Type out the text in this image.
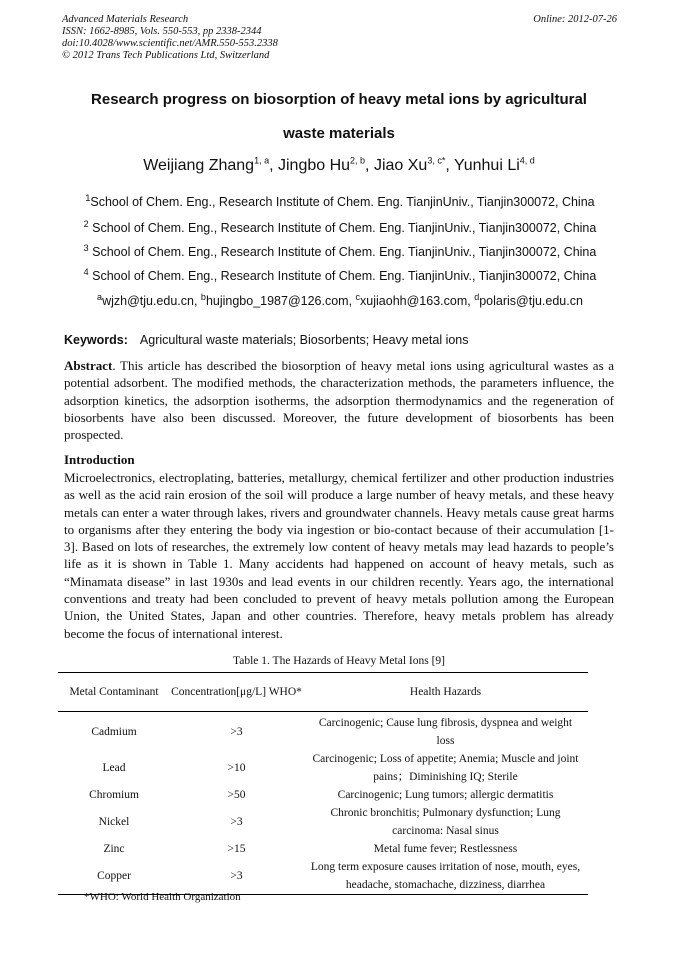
Advanced Materials Research
ISSN: 1662-8985, Vols. 550-553, pp 2338-2344
doi:10.4028/www.scientific.net/AMR.550-553.2338
© 2012 Trans Tech Publications Ltd, Switzerland
Online: 2012-07-26
Research progress on biosorption of heavy metal ions by agricultural
waste materials
Weijiang Zhang$^{1, a}$, Jingbo Hu$^{2, b}$, Jiao $Xu^{3, c*}$, Yunhui Li$^{4, d}$
$^1$School of Chem. Eng., Research Institute of Chem. Eng. TianjinUniv., Tianjin300072, China
$^2$ School of Chem. Eng., Research Institute of Chem. Eng. TianjinUniv., Tianjin300072, China
$^3$ School of Chem. Eng., Research Institute of Chem. Eng. TianjinUniv., Tianjin300072, China
$^4$ School of Chem. Eng., Research Institute of Chem. Eng. TianjinUniv., Tianjin300072, China
$^a$wjzh@tju.edu.cn, $^b$hujingbo_1987@126.com, $^c$xujiaohh@163.com, $^d$polaris@tju.edu.cn
Keywords: Agricultural waste materials; Biosorbents; Heavy metal ions
Abstract. This article has described the biosorption of heavy metal ions using agricultural wastes as a potential adsorbent. The modified methods, the characterization methods, the parameters influence, the adsorption kinetics, the adsorption isotherms, the adsorption thermodynamics and the regeneration of biosorbents have also been discussed. Moreover, the future development of biosorbents has been prospected.
Introduction
Microelectronics, electroplating, batteries, metallurgy, chemical fertilizer and other production industries as well as the acid rain erosion of the soil will produce a large number of heavy metals, and these heavy metals can enter a water through lakes, rivers and groundwater channels. Heavy metals cause great harms to organisms after they entering the body via ingestion or bio-contact because of their accumulation [1-3]. Based on lots of researches, the extremely low content of heavy metals may lead hazards to people’s life as it is shown in Table 1. Many accidents had happened on account of heavy metals, such as “Minamata disease” in last 1930s and lead events in our children recently. Years ago, the international conventions and treaty had been concluded to prevent of heavy metals pollution among the European Union, the United States, Japan and other countries. Therefore, heavy metals problem has already become the focus of international interest.
Table 1. The Hazards of Heavy Metal Ions [9]
Metal Contaminant	Concentration[μg/L] WHO*	Health Hazards
Cadmium	>3	Carcinogenic; Cause lung fibrosis, dyspnea and weight loss
Lead	>10	Carcinogenic; Loss of appetite; Anemia; Muscle and joint pains；Diminishing IQ; Sterile
Chromium	>50	Carcinogenic; Lung tumors; allergic dermatitis
Nickel	>3	Chronic bronchitis; Pulmonary dysfunction; Lung carcinoma: Nasal sinus
Zinc	>15	Metal fume fever; Restlessness
Copper	>3	Long term exposure causes irritation of nose, mouth, eyes, headache, stomachache, dizziness, diarrhea
*WHO: World Health Organization
